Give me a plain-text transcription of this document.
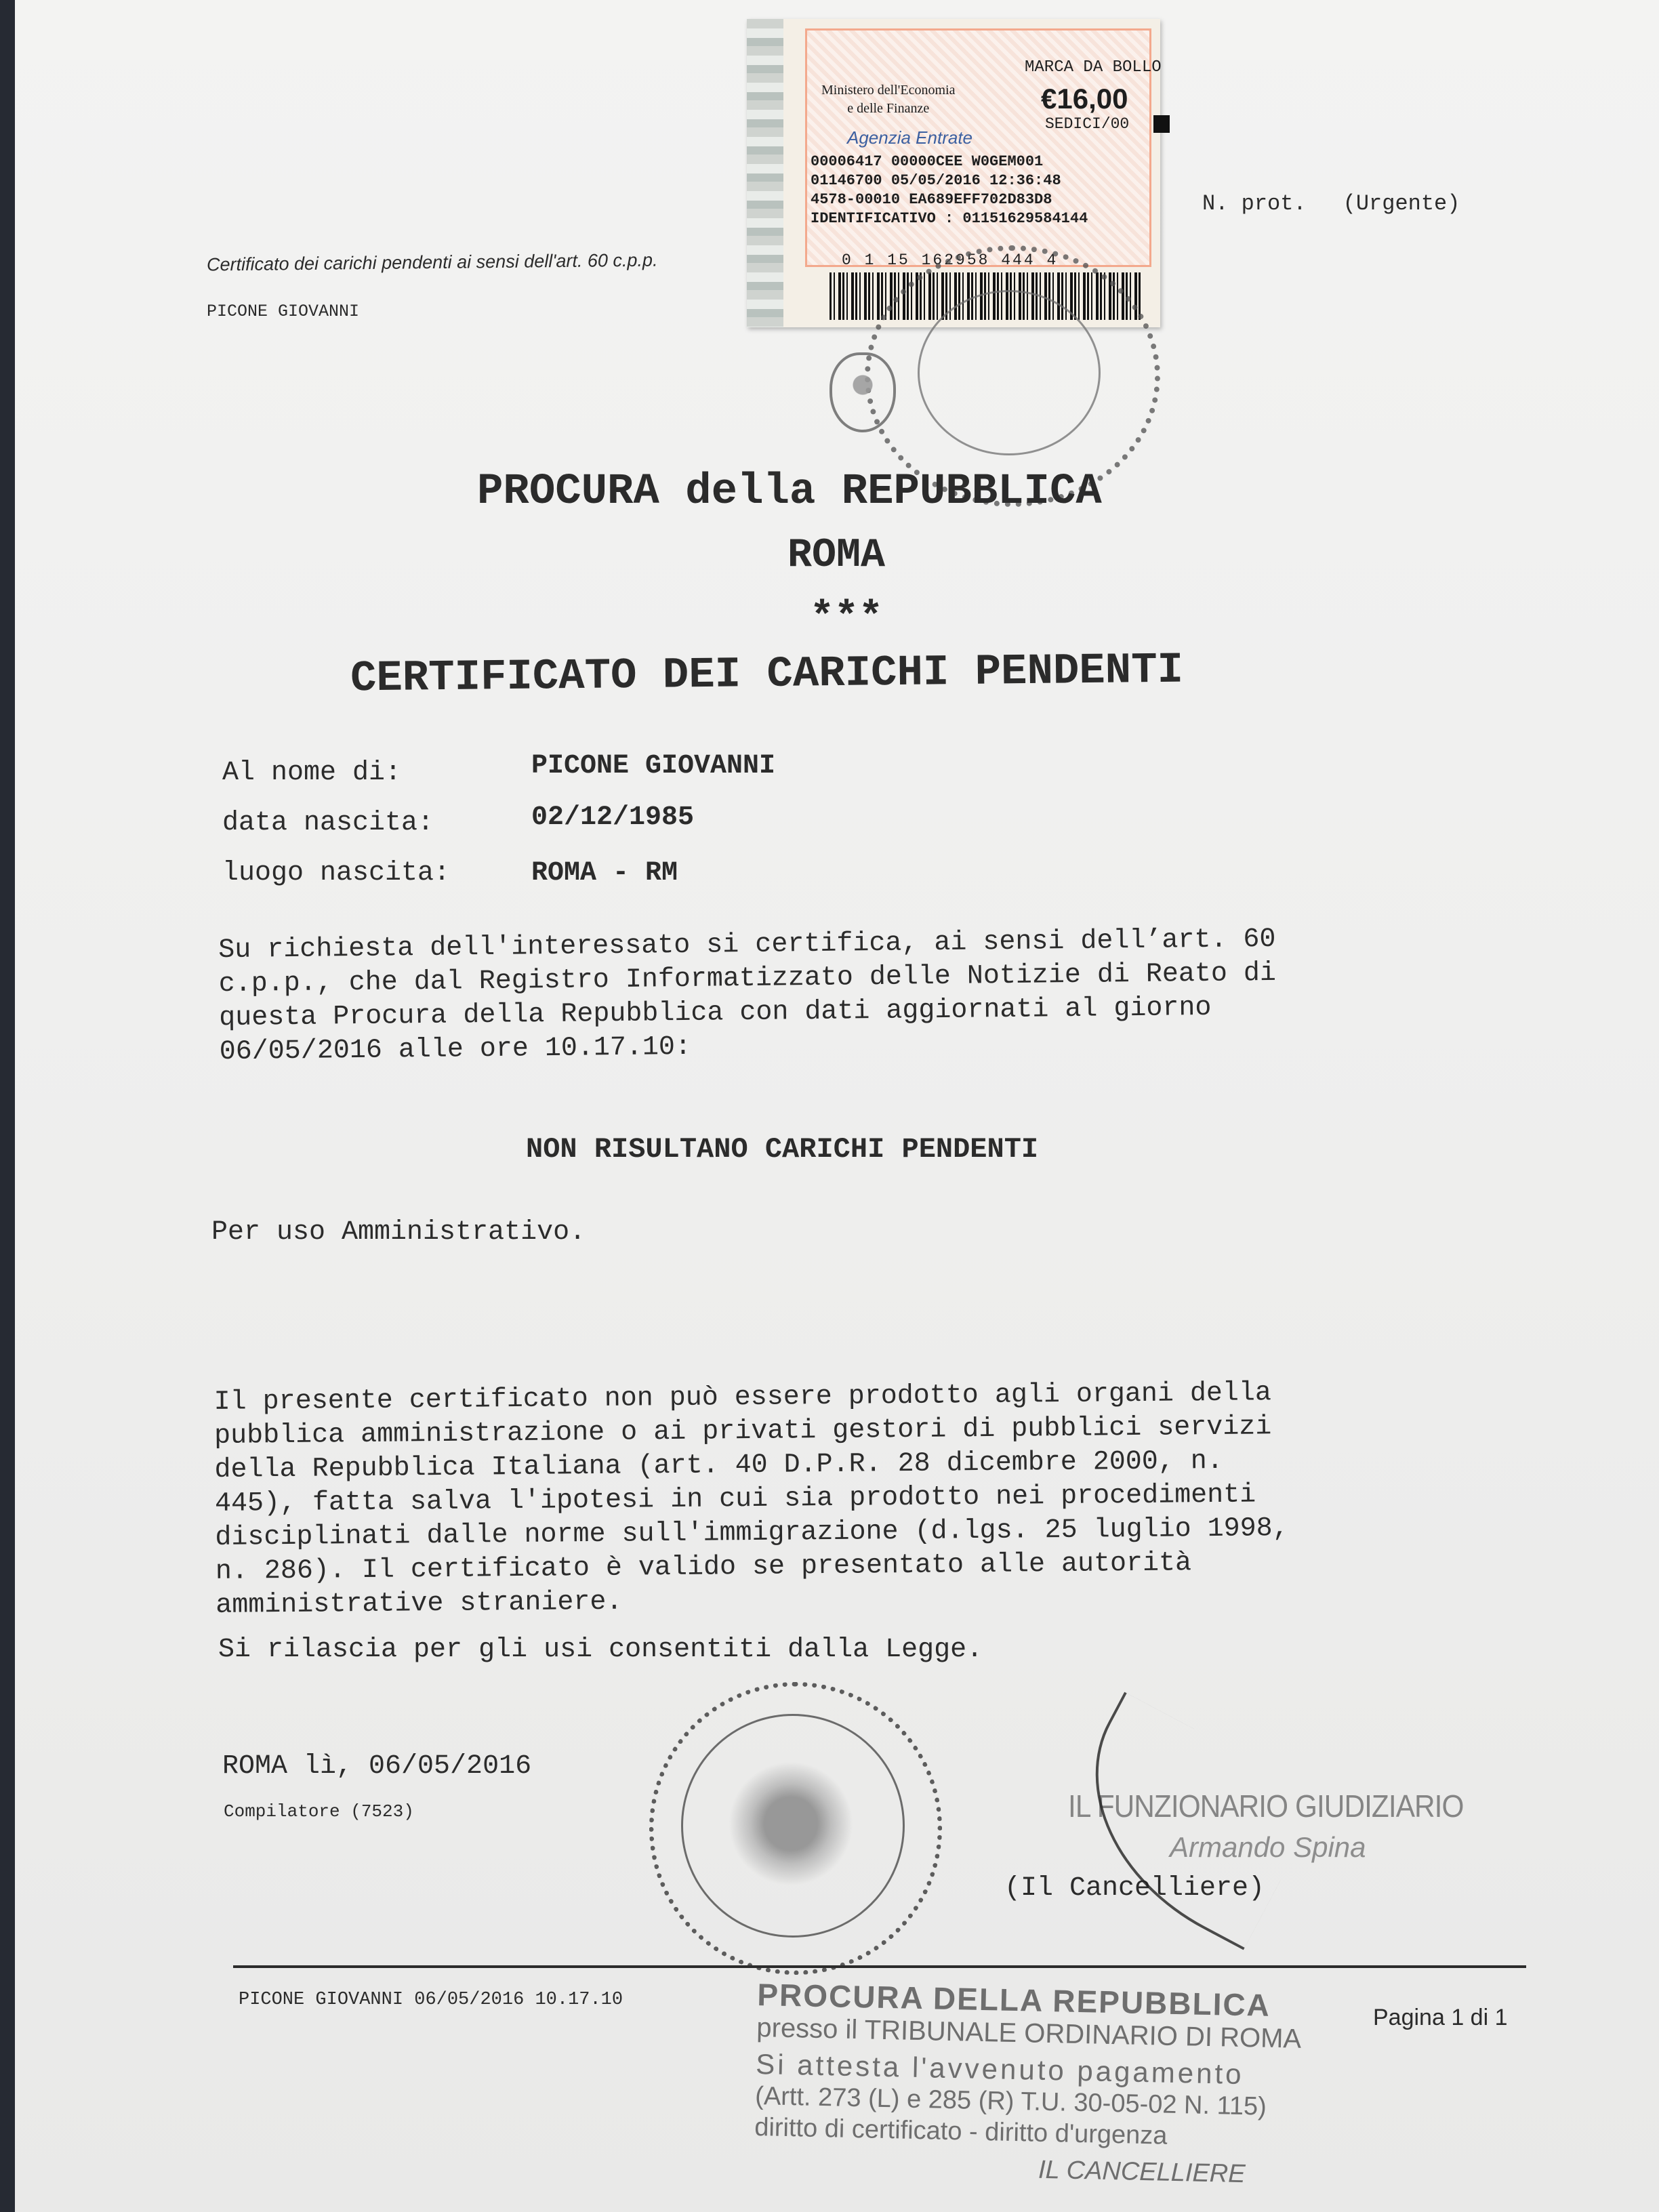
Certificato dei carichi pendenti ai sensi dell'art. 60 c.p.p.
PICONE GIOVANNI
N. prot. (Urgente)
Ministero dell'Economia
e delle Finanze
MARCA DA BOLLO
€16,00
SEDICI/00
Agenzia Entrate
00006417 00000CEE W0GEM001
01146700 05/05/2016 12:36:48
4578-00010 EA689EFF702D83D8
IDENTIFICATIVO : 01151629584144
0 1 15 162958 444 4
PROCURA della REPUBBLICA
ROMA
***
CERTIFICATO DEI CARICHI PENDENTI
Al nome di:	PICONE GIOVANNI
data nascita:	02/12/1985
luogo nascita:	ROMA - RM
Su richiesta dell'interessato si certifica, ai sensi dell’art. 60
c.p.p., che dal Registro Informatizzato delle Notizie di Reato di
questa Procura della Repubblica con dati aggiornati al giorno
06/05/2016 alle ore 10.17.10:
NON RISULTANO CARICHI PENDENTI
Per uso Amministrativo.
Il presente certificato non può essere prodotto agli organi della
pubblica amministrazione o ai privati gestori di pubblici servizi
della Repubblica Italiana (art. 40 D.P.R. 28 dicembre 2000, n.
445), fatta salva l'ipotesi in cui sia prodotto nei procedimenti
disciplinati dalle norme sull'immigrazione (d.lgs. 25 luglio 1998,
n. 286). Il certificato è valido se presentato alle autorità
amministrative straniere.
Si rilascia per gli usi consentiti dalla Legge.
ROMA lì, 06/05/2016
Compilatore (7523)	IL FUNZIONARIO GIUDIZIARIO
Armando Spina
(Il Cancelliere)
PICONE GIOVANNI 06/05/2016 10.17.10
Pagina 1 di 1
PROCURA DELLA REPUBBLICA
presso il TRIBUNALE ORDINARIO DI ROMA
Si attesta l'avvenuto pagamento
(Artt. 273 (L) e 285 (R) T.U. 30-05-02 N. 115)
diritto di certificato - diritto d'urgenza
IL CANCELLIERE
